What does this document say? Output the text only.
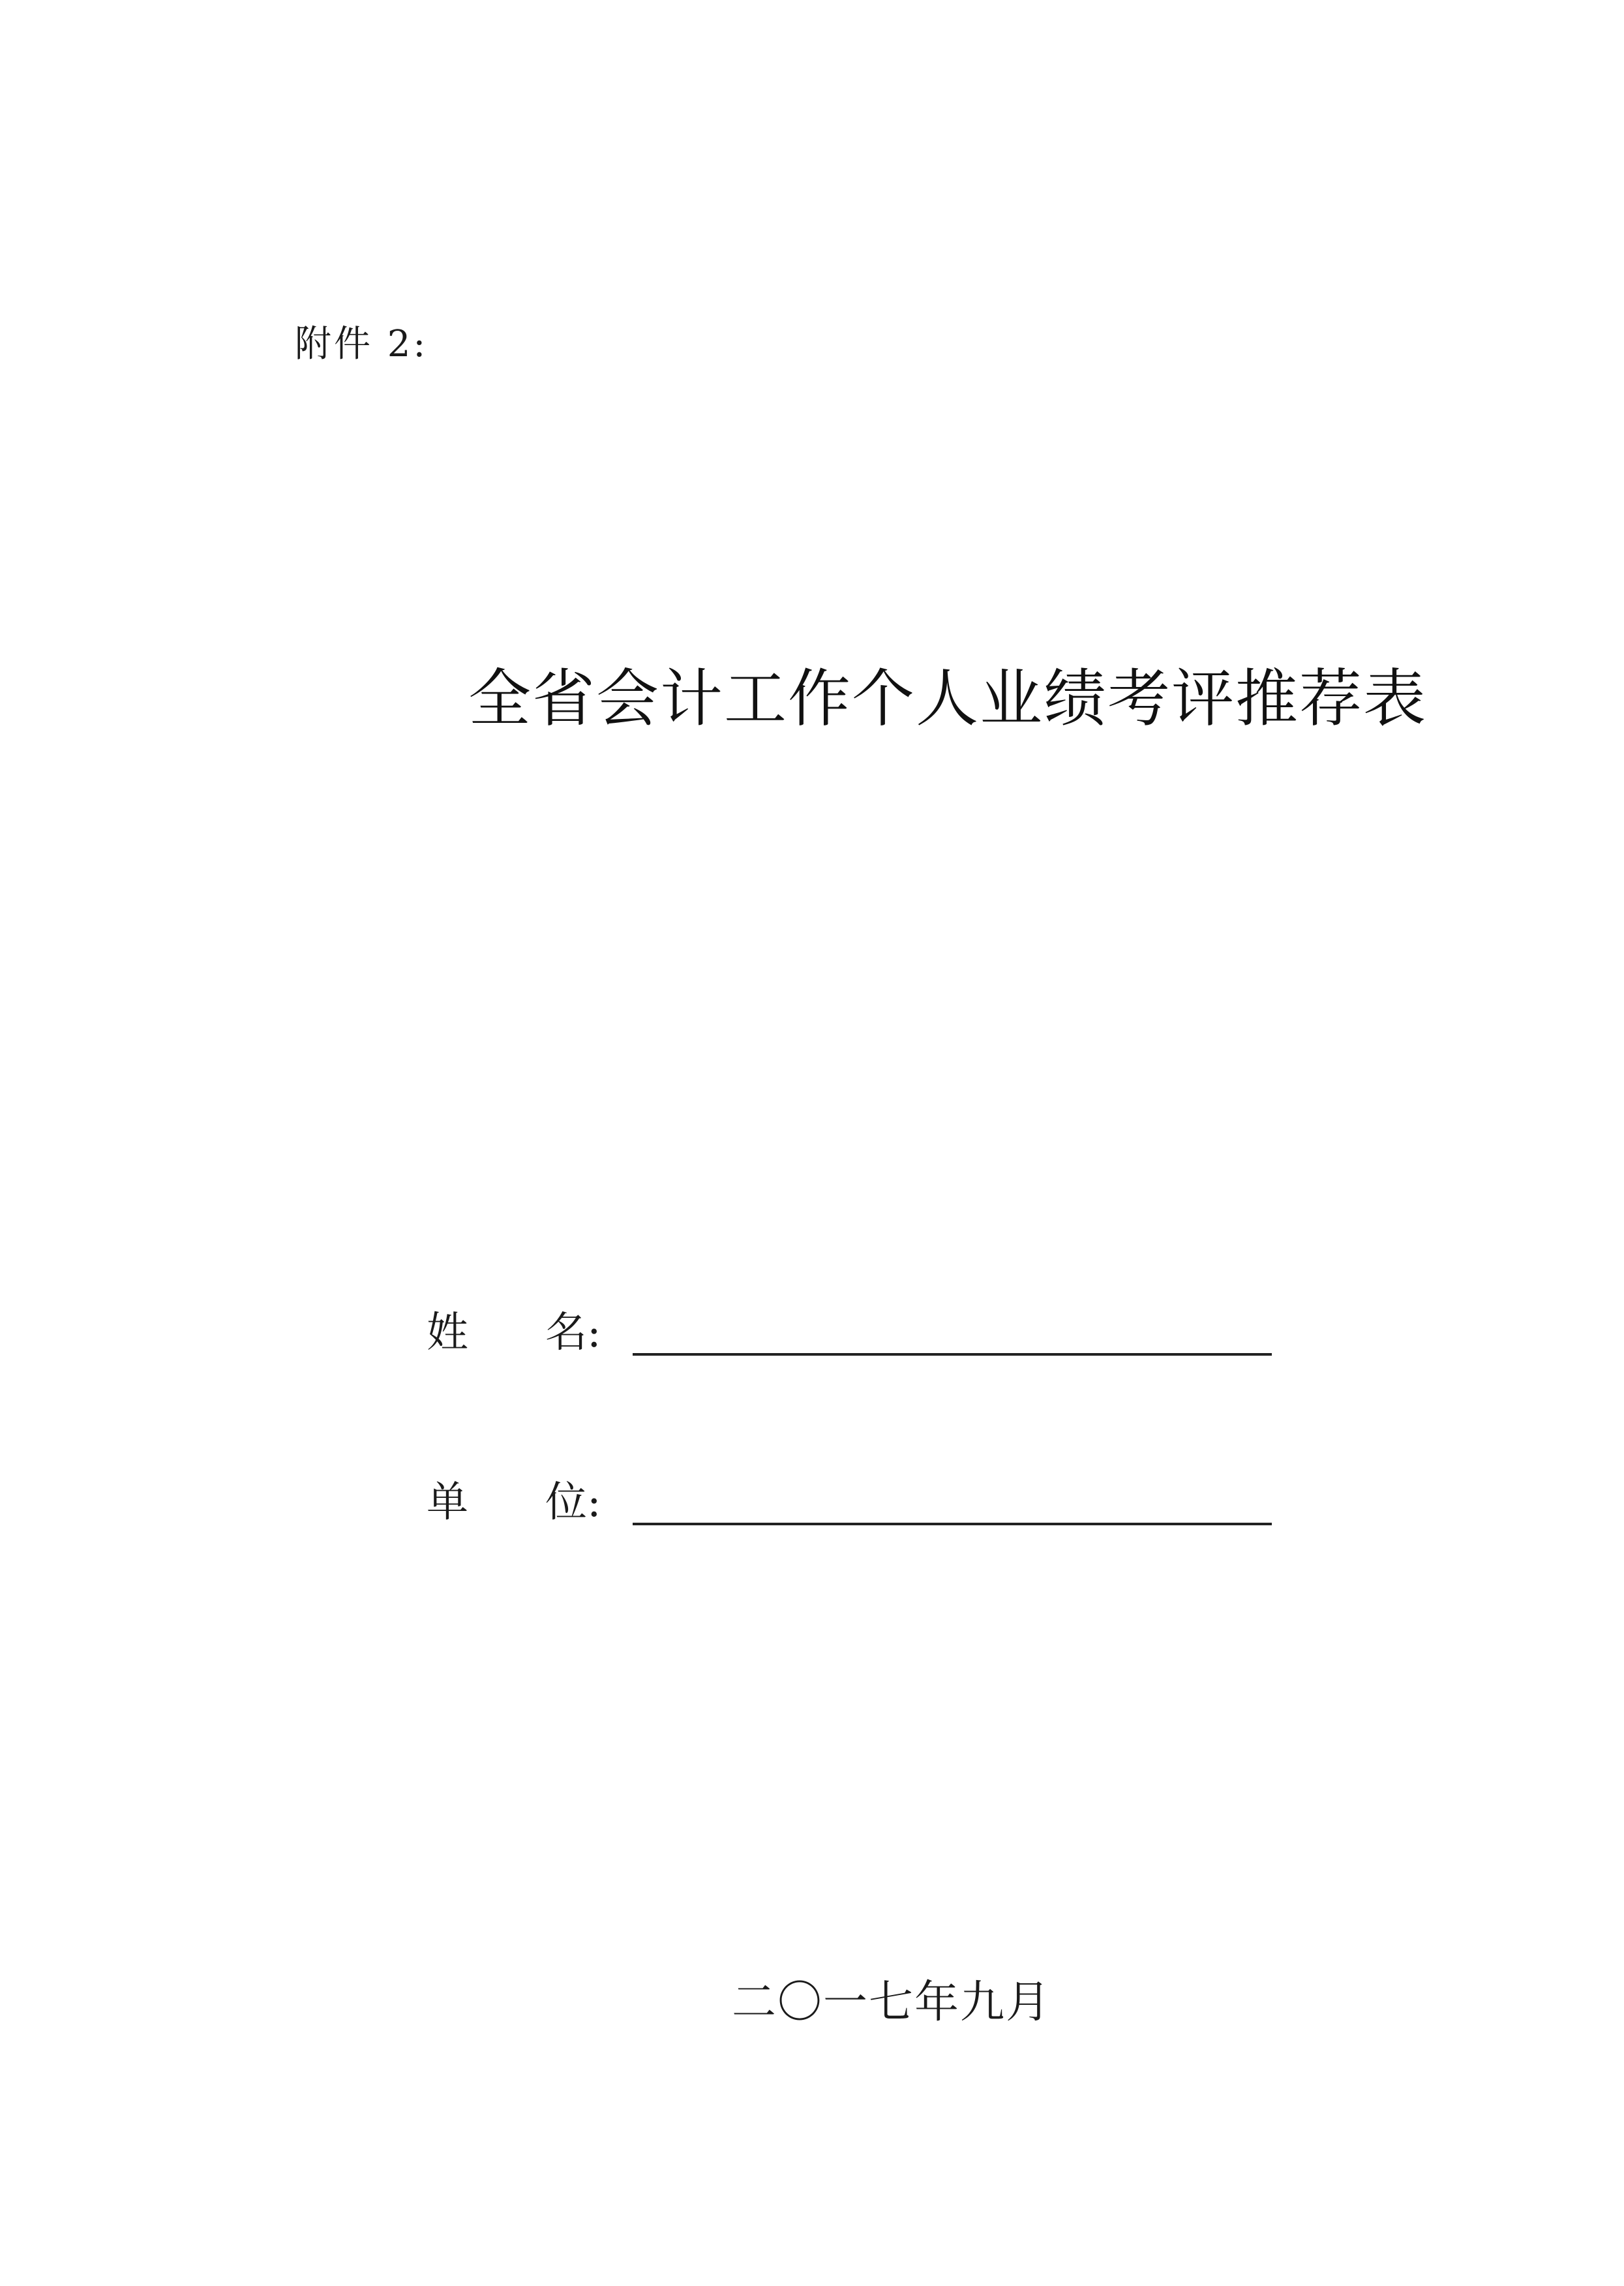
附件 2:
全省会计工作个人业绩考评推荐表
姓 名:
单 位:
二〇一七年九月
